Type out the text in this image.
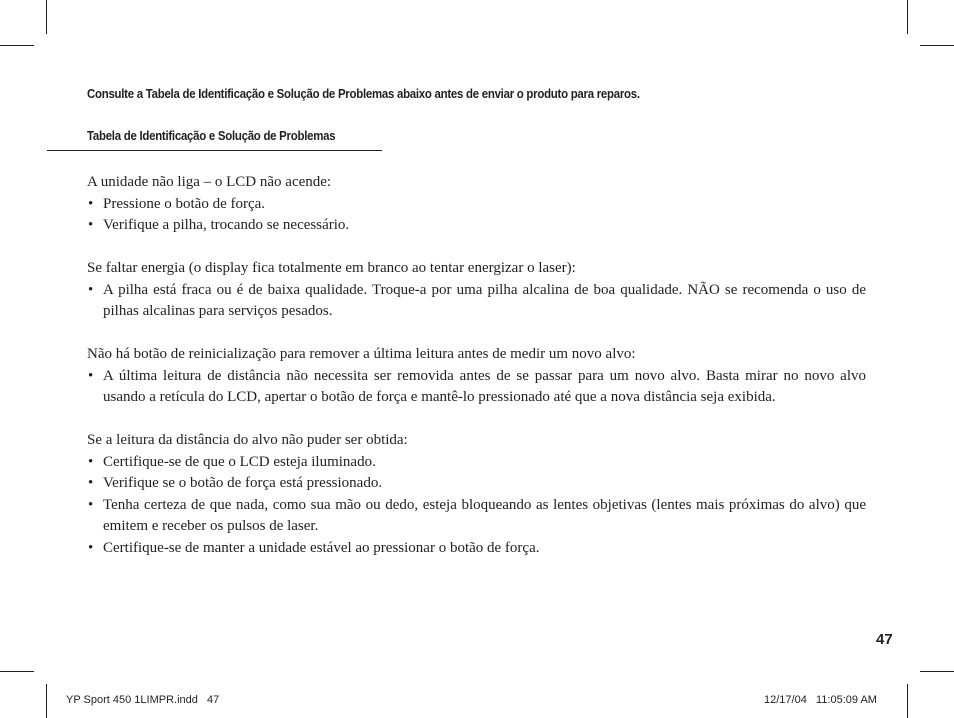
Consulte a Tabela de Identificação e Solução de Problemas abaixo antes de enviar o produto para reparos.
Tabela de Identificação e Solução de Problemas

A unidade não liga – o LCD não acende:

• Pressione o botão de força.
• Verifique a pilha, trocando se necessário.

Se faltar energia (o display fica totalmente em branco ao tentar energizar o laser):

• A pilha está fraca ou é de baixa qualidade. Troque-a por uma pilha alcalina de boa qualidade. NÃO se recomenda o uso de pilhas alcalinas para serviços pesados.

Não há botão de reinicialização para remover a última leitura antes de medir um novo alvo:

• A última leitura de distância não necessita ser removida antes de se passar para um novo alvo. Basta mirar no novo alvo usando a retícula do LCD, apertar o botão de força e mantê-lo pressionado até que a nova distância seja exibida.

Se a leitura da distância do alvo não puder ser obtida:

• Certifique-se de que o LCD esteja iluminado.
• Verifique se o botão de força está pressionado.
• Tenha certeza de que nada, como sua mão ou dedo, esteja bloqueando as lentes objetivas (lentes mais próximas do alvo) que emitem e receber os pulsos de laser.
• Certifique-se de manter a unidade estável ao pressionar o botão de força.
47
YP Sport 450 1LIMPR.indd   47	12/17/04   11:05:09 AM
